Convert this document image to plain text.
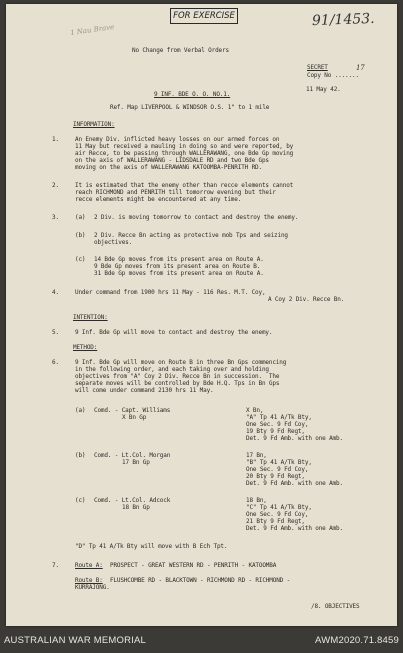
FOR EXERCISE	91/1453.
1 Nau Brave
No Change from Verbal Orders
SECRET
Copy No .......
17
11 May 42.
9 INF. BDE O. O. NO.1.
Ref. Map LIVERPOOL & WINDSOR O.S. 1" to 1 mile
INFORMATION:
1.	An Enemy Div. inflicted heavy losses on our armed forces on
11 May but received a mauling in doing so and were reported, by
air Recce, to be passing through WALLERAWANG, one Bde Gp moving
on the axis of WALLERAWANG - LIDSDALE RD and two Bde Gps
moving on the axis of WALLERAWANG KATOOMBA-PENRITH RD.
2.	It is estimated that the enemy other than recce elements cannot
reach RICHMOND and PENRITH till tomorrow evening but their
recce elements might be encountered at any time.
3.	(a) 2 Div. is moving tomorrow to contact and destroy the enemy.
(b) 2 Div. Recce Bn acting as protective mob Tps and seizing
objectives.
(c) 14 Bde Gp moves from its present area on Route A.
9 Bde Gp moves from its present area on Route B.
31 Bde Gp moves from its present area on Route A.
4.	Under command from 1900 hrs 11 May - 116 Res. M.T. Coy,
A Coy 2 Div. Recce Bn.
INTENTION:
5.	9 Inf. Bde Gp will move to contact and destroy the enemy.
METHOD:
6.	9 Inf. Bde Gp will move on Route B in three Bn Gps commencing
in the following order, and each taking over and holding
objectives from "A" Coy 2 Div. Recce Bn in succession.  The
separate moves will be controlled by Bde H.Q. Tps in Bn Gps
will come under command 2130 hrs 11 May.
(a) Comd. - Capt. Williams
X Bn Gp
X Bn,
"A" Tp 41 A/Tk Bty,
One Sec. 9 Fd Coy,
19 Bty 9 Fd Regt,
Det. 9 Fd Amb. with one Amb.
(b) Comd. - Lt.Col. Morgan
17 Bn Gp
17 Bn,
"B" Tp 41 A/Tk Bty,
One Sec. 9 Fd Coy,
20 Bty 9 Fd Regt,
Det. 9 Fd Amb. with one Amb.
(c) Comd. - Lt.Col. Adcock
18 Bn Gp
18 Bn,
"C" Tp 41 A/Tk Bty,
One Sec. 9 Fd Coy,
21 Bty 9 Fd Regt,
Det. 9 Fd Amb. with one Amb.
"D" Tp 41 A/Tk Bty will move with B Ech Tpt.
7.	Route A: PROSPECT - GREAT WESTERN RD - PENRITH - KATOOMBA
Route B: FLUSHCOMBE RD - BLACKTOWN - RICHMOND RD - RICHMOND -
KURRAJONG.
/8. OBJECTIVES
AUSTRALIAN WAR MEMORIAL	AWM2020.71.8459
